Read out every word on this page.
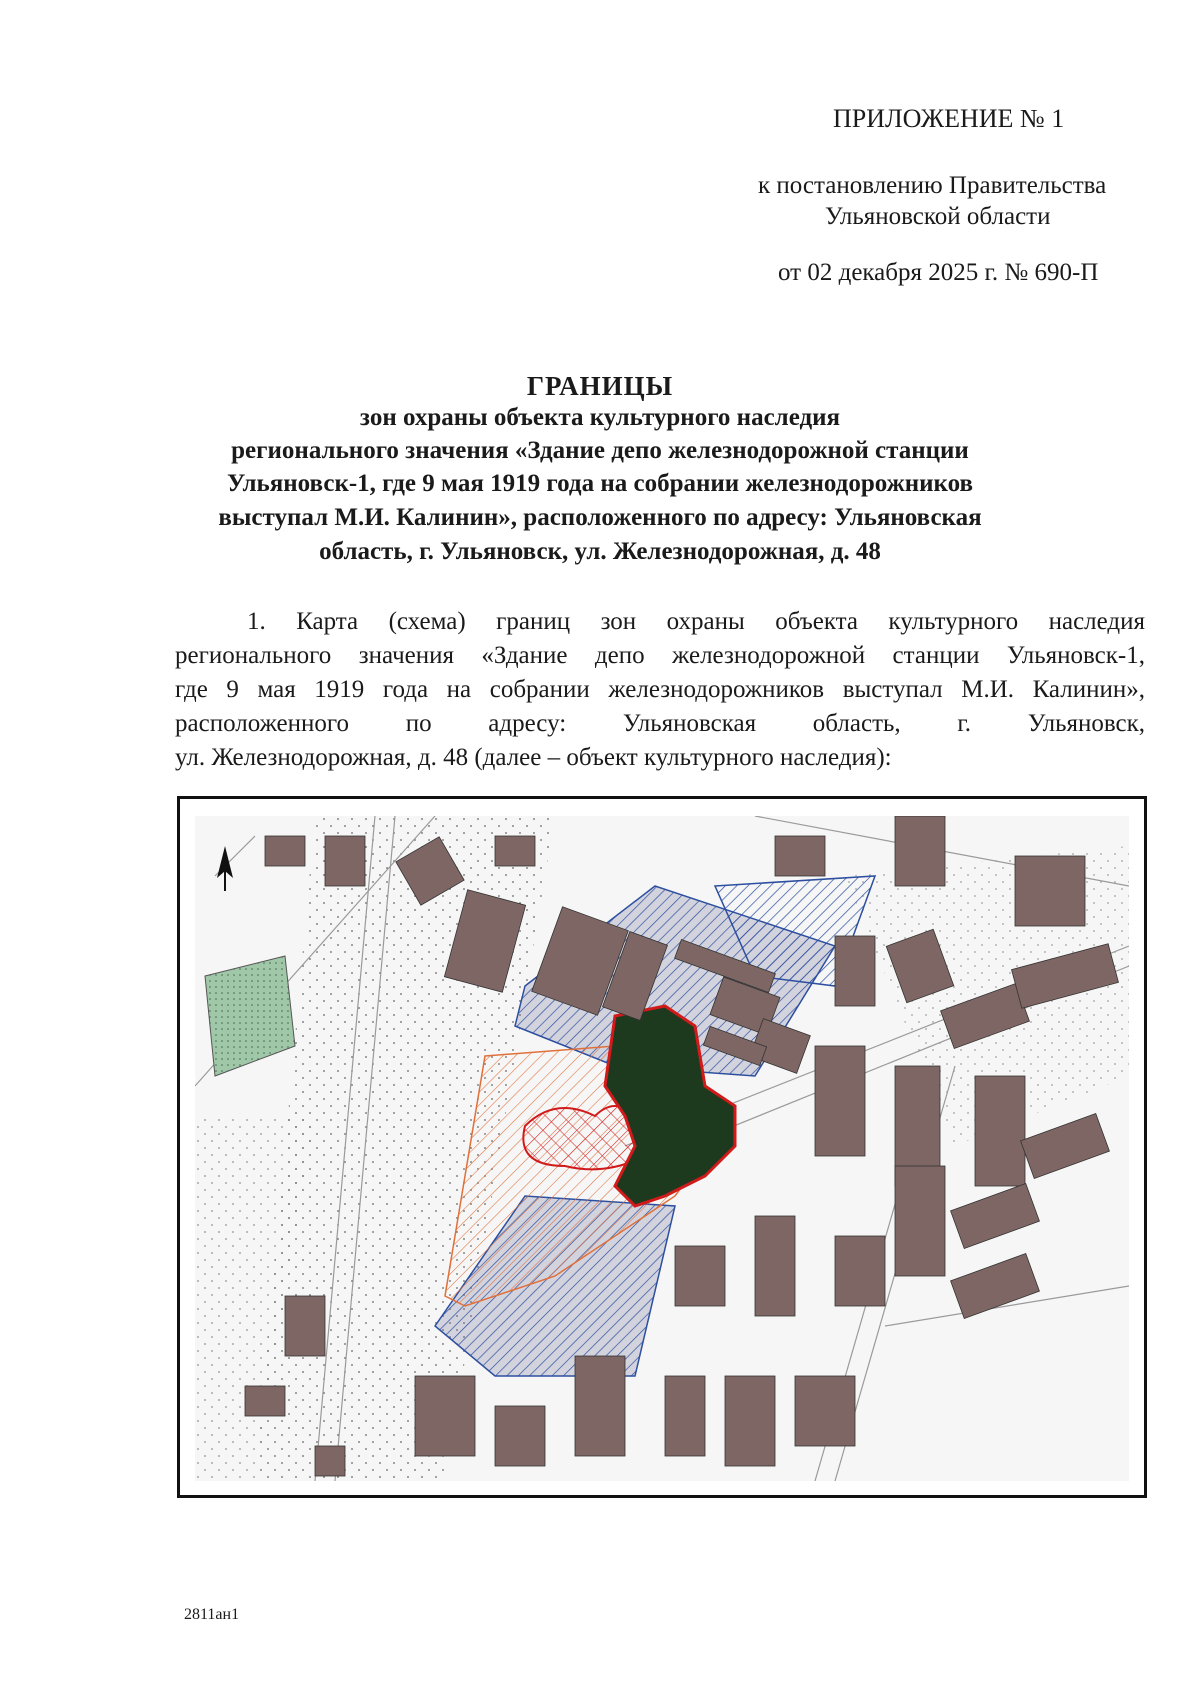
ПРИЛОЖЕНИЕ № 1

к постановлению Правительства

Ульяновской области

от 02 декабря 2025 г. № 690-П

ГРАНИЦЫ

зон охраны объекта культурного наследия

регионального значения «Здание депо железнодорожной станции

Ульяновск-1, где 9 мая 1919 года на собрании железнодорожников

выступал М.И. Калинин», расположенного по адресу: Ульяновская

область, г. Ульяновск, ул. Железнодорожная, д. 48

1. Карта (схема) границ зон охраны объекта культурного наследия

регионального значения «Здание депо железнодорожной станции Ульяновск-1,

где 9 мая 1919 года на собрании железнодорожников выступал М.И. Калинин»,

расположенного по адресу: Ульяновская область, г. Ульяновск,

ул. Железнодорожная, д. 48 (далее – объект культурного наследия):

2811ан1
